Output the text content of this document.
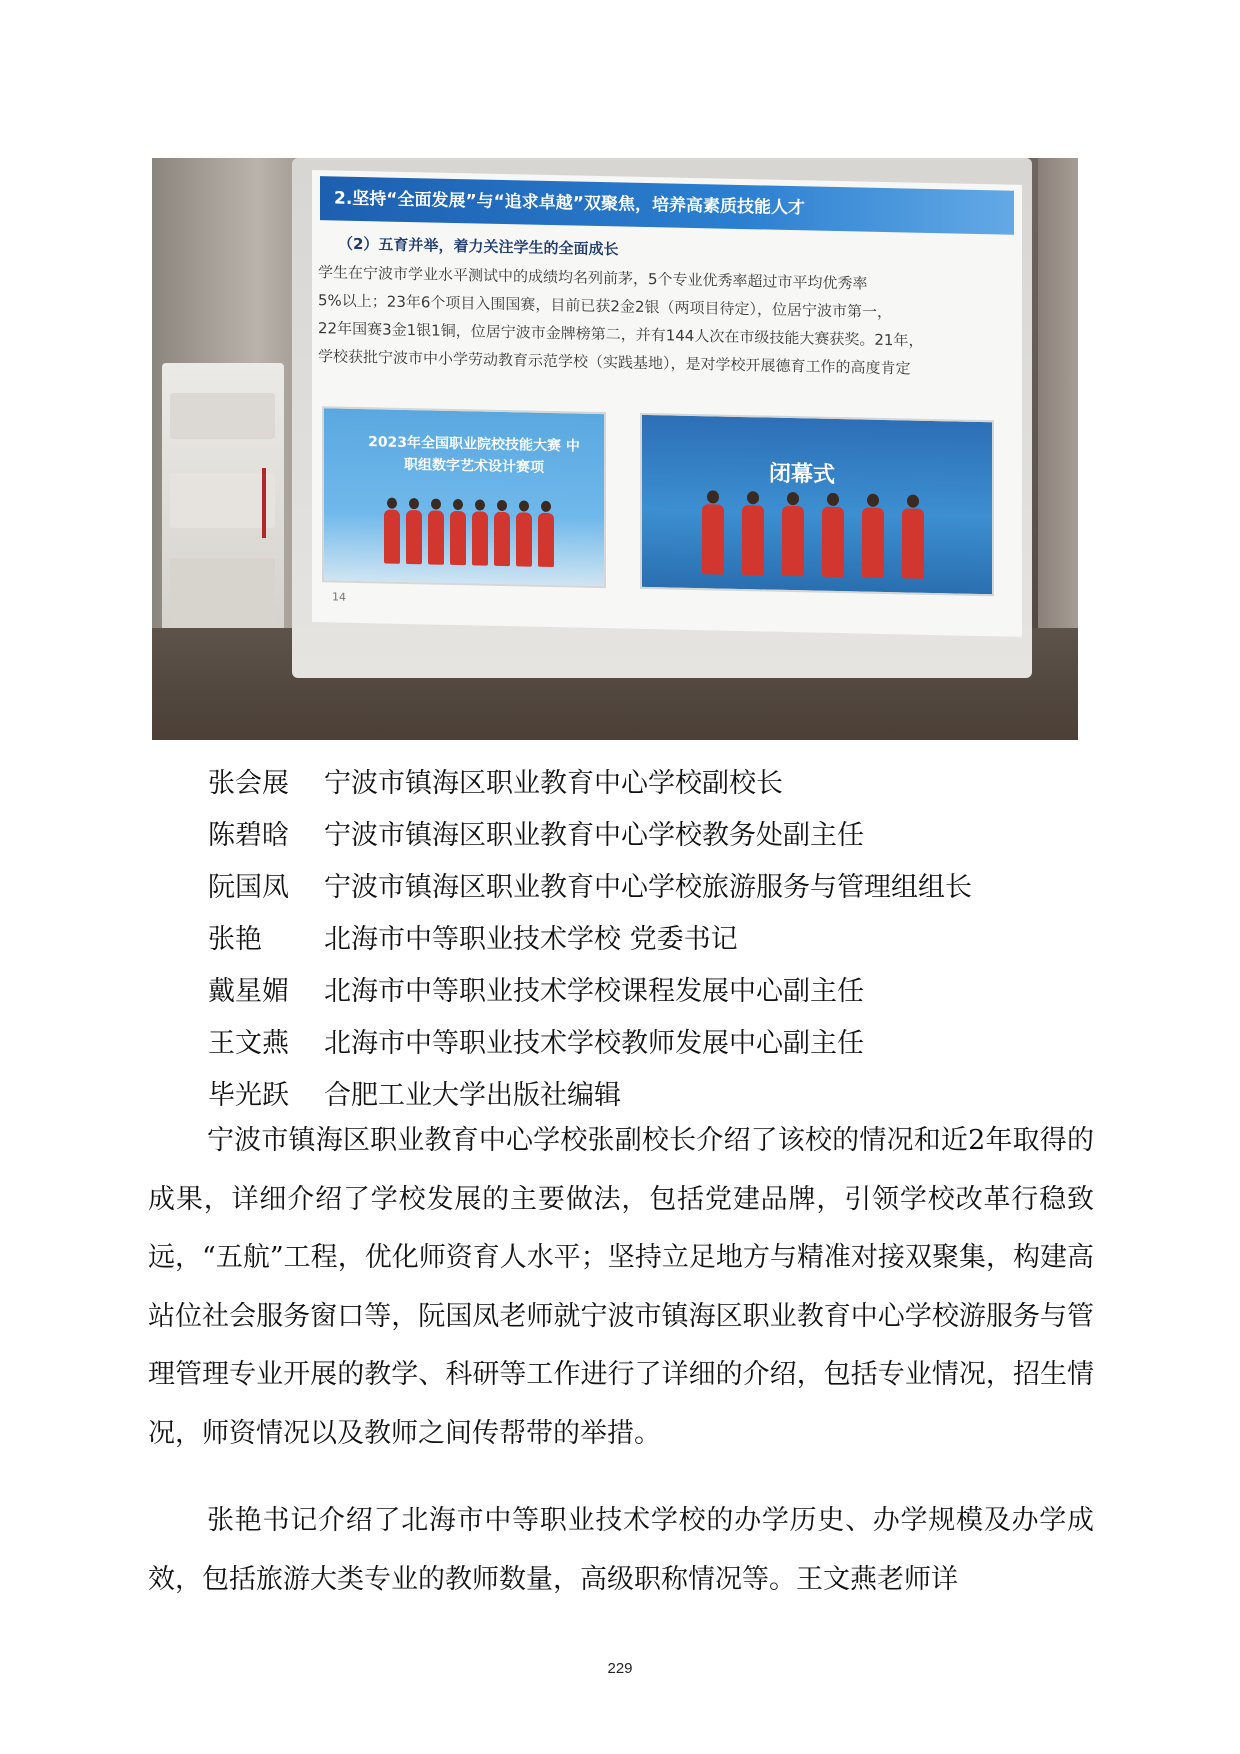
2.坚持“全面发展”与“追求卓越”双聚焦，培养高素质技能人才
（2）五育并举，着力关注学生的全面成长
学生在宁波市学业水平测试中的成绩均名列前茅，5个专业优秀率超过市平均优秀率
5%以上；23年6个项目入围国赛，目前已获2金2银（两项目待定），位居宁波市第一，
22年国赛3金1银1铜，位居宁波市金牌榜第二，并有144人次在市级技能大赛获奖。21年，
学校获批宁波市中小学劳动教育示范学校（实践基地），是对学校开展德育工作的高度肯定
2023年全国职业院校技能大赛 中职组数字艺术设计赛项	闭幕式
14
张会展 宁波市镇海区职业教育中心学校副校长
陈碧晗 宁波市镇海区职业教育中心学校教务处副主任
阮国凤 宁波市镇海区职业教育中心学校旅游服务与管理组组长
张艳 北海市中等职业技术学校 党委书记
戴星媚 北海市中等职业技术学校课程发展中心副主任
王文燕 北海市中等职业技术学校教师发展中心副主任
毕光跃 合肥工业大学出版社编辑

宁波市镇海区职业教育中心学校张副校长介绍了该校的情况和近2年取得的成果，详细介绍了学校发展的主要做法，包括党建品牌，引领学校改革行稳致远，“五航”工程，优化师资育人水平；坚持立足地方与精准对接双聚集，构建高站位社会服务窗口等，阮国凤老师就宁波市镇海区职业教育中心学校游服务与管理管理专业开展的教学、科研等工作进行了详细的介绍，包括专业情况，招生情况，师资情况以及教师之间传帮带的举措。

张艳书记介绍了北海市中等职业技术学校的办学历史、办学规模及办学成效，包括旅游大类专业的教师数量，高级职称情况等。王文燕老师详

229
